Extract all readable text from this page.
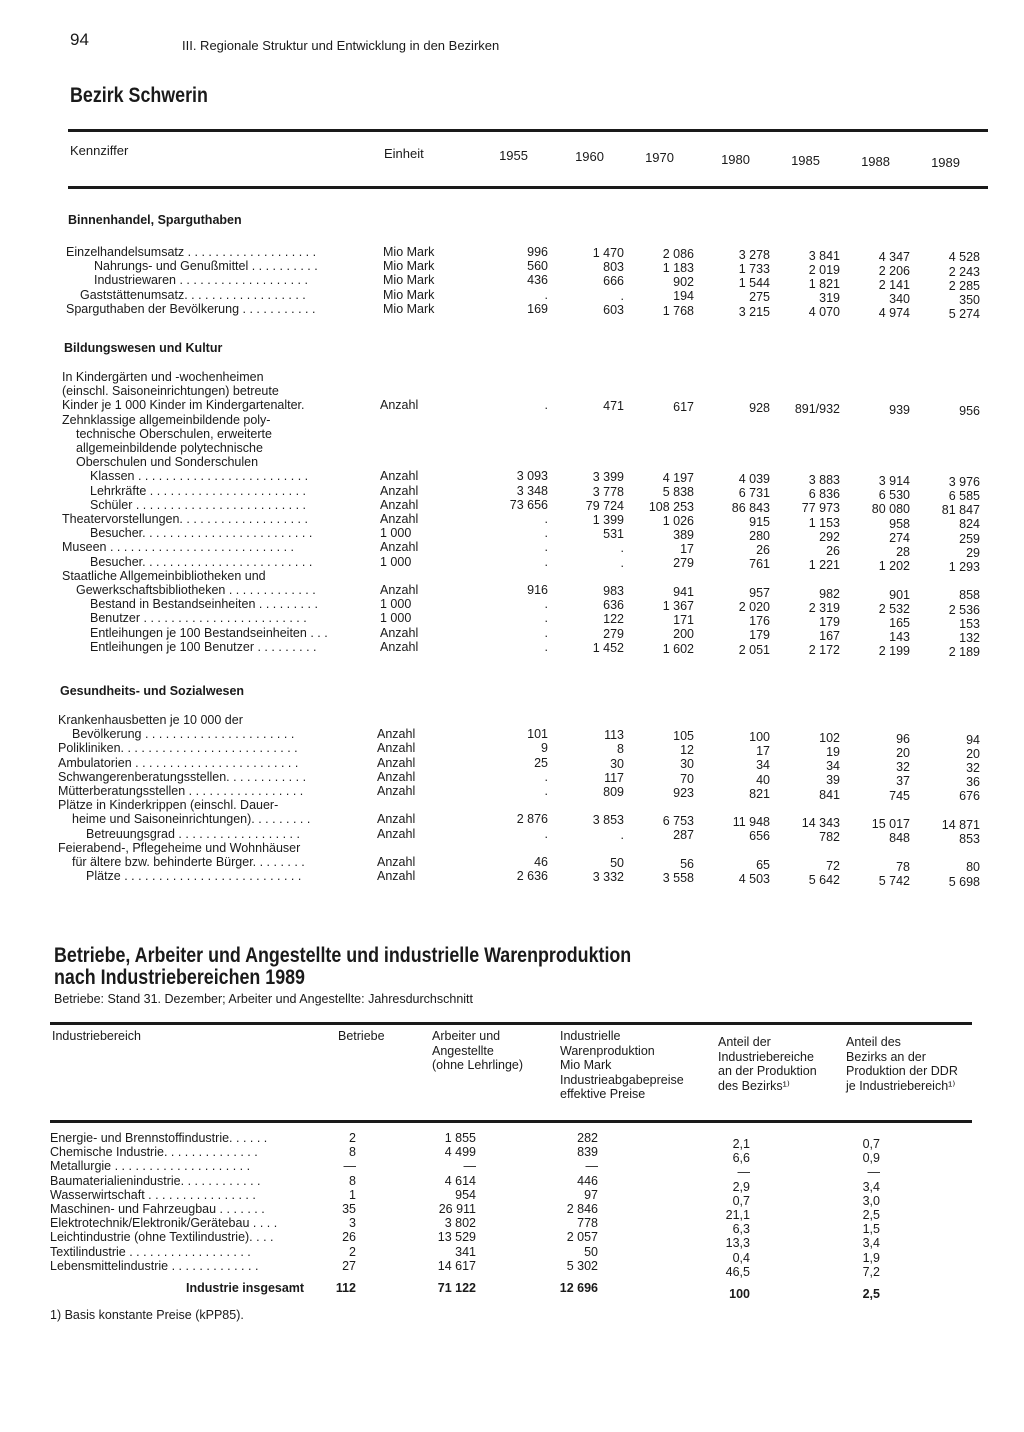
94	III. Regionale Struktur und Entwicklung in den Bezirken
Bezirk Schwerin
Kennziffer	Einheit	1955	1960	1970	1980	1985	1988	1989
Binnenhandel, Sparguthaben
Einzelhandelsumsatz . . . . . . . . . . . . . . . . . . .	Mio Mark	996	1 470	2 086	3 278	3 841	4 347	4 528
Nahrungs- und Genußmittel . . . . . . . . . .	Mio Mark	560	803	1 183	1 733	2 019	2 206	2 243
Industriewaren . . . . . . . . . . . . . . . . . . .	Mio Mark	436	666	902	1 544	1 821	2 141	2 285
Gaststättenumsatz. . . . . . . . . . . . . . . . . .	Mio Mark	.	.	194	275	319	340	350
Sparguthaben der Bevölkerung . . . . . . . . . . .	Mio Mark	169	603	1 768	3 215	4 070	4 974	5 274
Bildungswesen und Kultur
In Kindergärten und -wochenheimen
(einschl. Saisoneinrichtungen) betreute
Kinder je 1 000 Kinder im Kindergartenalter.	Anzahl	.	471	617	928	891/932	939	956
Zehnklassige allgemeinbildende poly-
technische Oberschulen, erweiterte
allgemeinbildende polytechnische
Oberschulen und Sonderschulen
Klassen . . . . . . . . . . . . . . . . . . . . . . . . .	Anzahl	3 093	3 399	4 197	4 039	3 883	3 914	3 976
Lehrkräfte . . . . . . . . . . . . . . . . . . . . . . .	Anzahl	3 348	3 778	5 838	6 731	6 836	6 530	6 585
Schüler . . . . . . . . . . . . . . . . . . . . . . . . .	Anzahl	73 656	79 724	108 253	86 843	77 973	80 080	81 847
Theatervorstellungen. . . . . . . . . . . . . . . . . . .	Anzahl	.	1 399	1 026	915	1 153	958	824
Besucher. . . . . . . . . . . . . . . . . . . . . . . . .	1 000	.	531	389	280	292	274	259
Museen . . . . . . . . . . . . . . . . . . . . . . . . . . .	Anzahl	.	.	17	26	26	28	29
Besucher. . . . . . . . . . . . . . . . . . . . . . . . .	1 000	.	.	279	761	1 221	1 202	1 293
Staatliche Allgemeinbibliotheken und
Gewerkschaftsbibliotheken . . . . . . . . . . . . .	Anzahl	916	983	941	957	982	901	858
Bestand in Bestandseinheiten . . . . . . . . .	1 000	.	636	1 367	2 020	2 319	2 532	2 536
Benutzer . . . . . . . . . . . . . . . . . . . . . . . .	1 000	.	122	171	176	179	165	153
Entleihungen je 100 Bestandseinheiten . . .	Anzahl	.	279	200	179	167	143	132
Entleihungen je 100 Benutzer . . . . . . . . .	Anzahl	.	1 452	1 602	2 051	2 172	2 199	2 189
Gesundheits- und Sozialwesen
Krankenhausbetten je 10 000 der
Bevölkerung . . . . . . . . . . . . . . . . . . . . . .	Anzahl	101	113	105	100	102	96	94
Polikliniken. . . . . . . . . . . . . . . . . . . . . . . . . .	Anzahl	9	8	12	17	19	20	20
Ambulatorien . . . . . . . . . . . . . . . . . . . . . . . .	Anzahl	25	30	30	34	34	32	32
Schwangerenberatungsstellen. . . . . . . . . . . .	Anzahl	.	117	70	40	39	37	36
Mütterberatungsstellen . . . . . . . . . . . . . . . . .	Anzahl	.	809	923	821	841	745	676
Plätze in Kinderkrippen (einschl. Dauer-
heime und Saisoneinrichtungen). . . . . . . . .	Anzahl	2 876	3 853	6 753	11 948	14 343	15 017	14 871
Betreuungsgrad . . . . . . . . . . . . . . . . . .	Anzahl	.	.	287	656	782	848	853
Feierabend-, Pflegeheime und Wohnhäuser
für ältere bzw. behinderte Bürger. . . . . . . .	Anzahl	46	50	56	65	72	78	80
Plätze . . . . . . . . . . . . . . . . . . . . . . . . . .	Anzahl	2 636	3 332	3 558	4 503	5 642	5 742	5 698
Betriebe, Arbeiter und Angestellte und industrielle Warenproduktion
nach Industriebereichen 1989
Betriebe: Stand 31. Dezember; Arbeiter und Angestellte: Jahresdurchschnitt
Industriebereich	Betriebe	Arbeiter und
Angestellte
(ohne Lehrlinge)
Industrielle
Warenproduktion
Mio Mark
Industrieabgabepreise
effektive Preise
Anteil der
Industriebereiche
an der Produktion
des Bezirks¹⁾
Anteil des
Bezirks an der
Produktion der DDR
je Industriebereich¹⁾
Energie- und Brennstoffindustrie. . . . . .	2	1 855	282	2,1	0,7
Chemische Industrie. . . . . . . . . . . . . .	8	4 499	839	6,6	0,9
Metallurgie . . . . . . . . . . . . . . . . . . . .	—	—	—	—	—
Baumaterialienindustrie. . . . . . . . . . . .	8	4 614	446	2,9	3,4
Wasserwirtschaft . . . . . . . . . . . . . . . .	1	954	97	0,7	3,0
Maschinen- und Fahrzeugbau . . . . . . .	35	26 911	2 846	21,1	2,5
Elektrotechnik/Elektronik/Gerätebau . . . .	3	3 802	778	6,3	1,5
Leichtindustrie (ohne Textilindustrie). . . .	26	13 529	2 057	13,3	3,4
Textilindustrie . . . . . . . . . . . . . . . . . .	2	341	50	0,4	1,9
Lebensmittelindustrie . . . . . . . . . . . . .	27	14 617	5 302	46,5	7,2
Industrie insgesamt	112	71 122	12 696	100	2,5
1) Basis konstante Preise (kPP85).
